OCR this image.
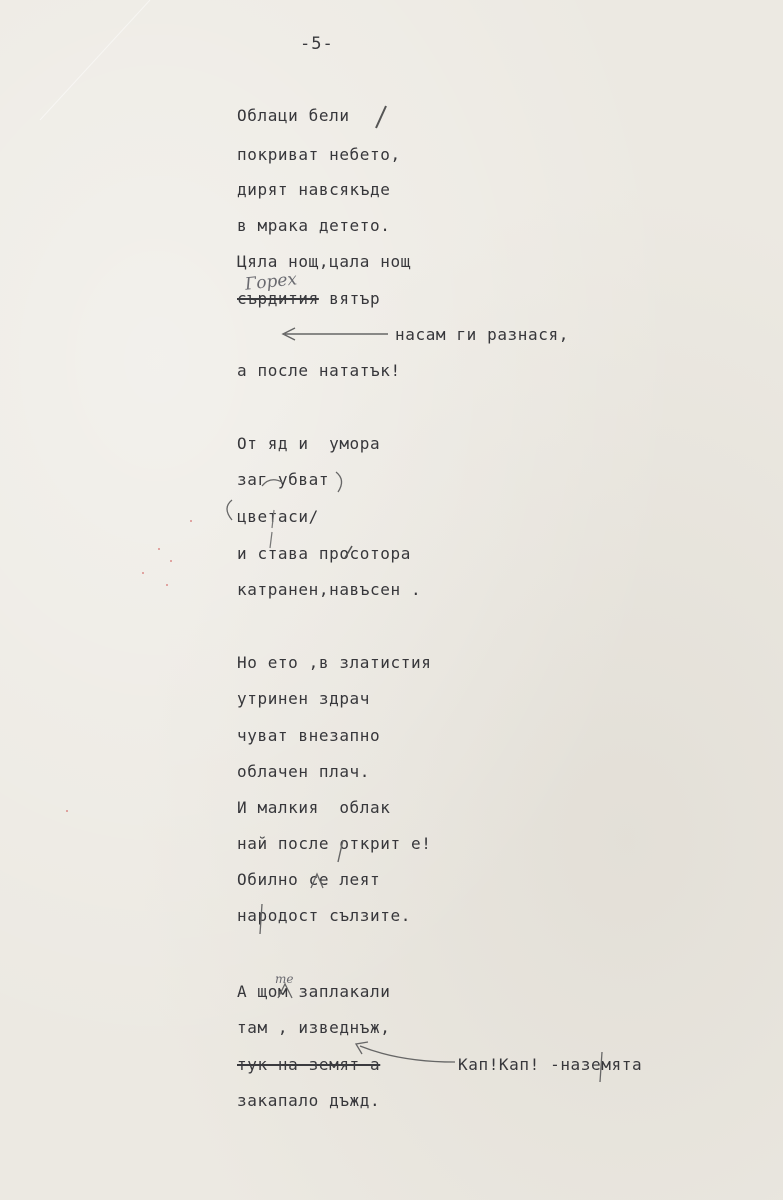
-5-
Облаци бели
покриват небето,
дирят навсякъде
в мрака детето.
Цяла нощ,цала нощ
Горех
сърдития вятър
насам ги разнася,
а после нататък!
От яд и  умора
заг убват
цветаси/
и става просотора
катранен,навъсен .
Но ето ,в златистия
утринен здрач
чуват внезапно
облачен плач.
И малкия  облак
най после открит е!
Обилно се леят
народост сълзите.
те
А щом заплакали
там , изведнъж,
тук на земят а	Кап!Кап! -назeмята
закапало дъжд.
